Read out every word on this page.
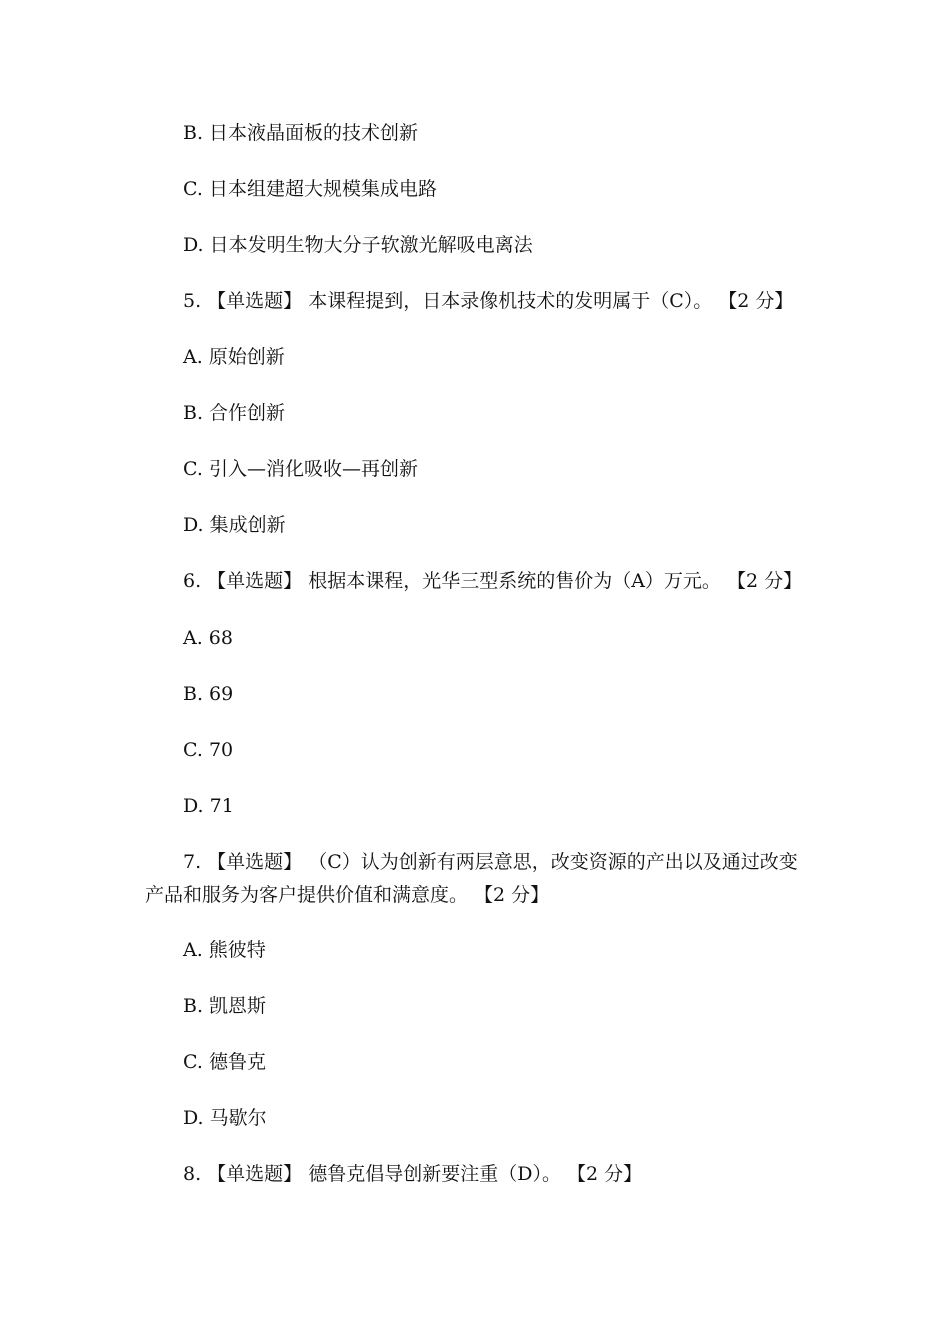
B. 日本液晶面板的技术创新
C. 日本组建超大规模集成电路
D. 日本发明生物大分子软激光解吸电离法
5. 【单选题】 本课程提到，日本录像机技术的发明属于（C）。 【2 分】
A. 原始创新
B. 合作创新
C. 引入—消化吸收—再创新
D. 集成创新
6. 【单选题】 根据本课程，光华三型系统的售价为（A）万元。 【2 分】
A. 68
B. 69
C. 70
D. 71
7. 【单选题】 （C）认为创新有两层意思，改变资源的产出以及通过改变
产品和服务为客户提供价值和满意度。 【2 分】
A. 熊彼特
B. 凯恩斯
C. 德鲁克
D. 马歇尔
8. 【单选题】 德鲁克倡导创新要注重（D）。 【2 分】
